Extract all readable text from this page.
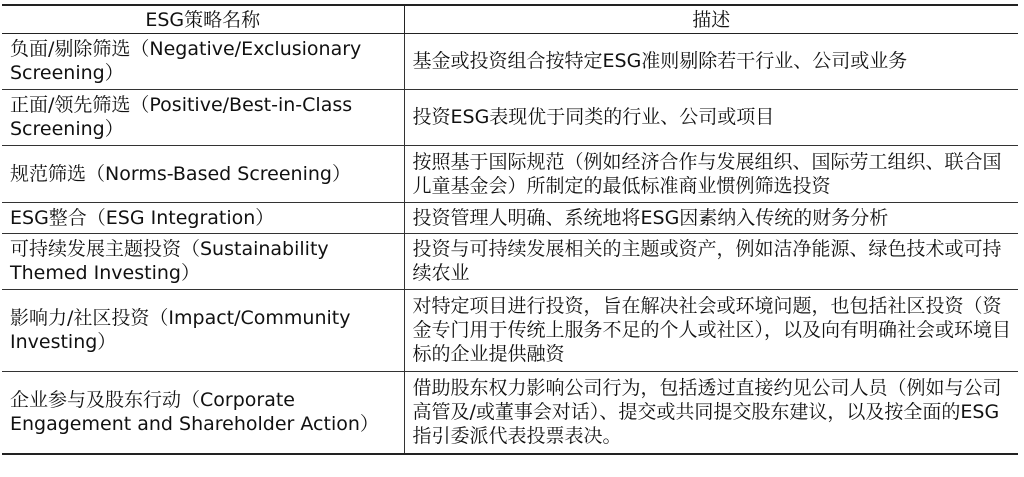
ESG策略名称	描述
负面/剔除筛选（Negative/Exclusionary Screening）	基金或投资组合按特定ESG准则剔除若干行业、公司或业务
正面/领先筛选（Positive/Best-in-Class Screening）	投资ESG表现优于同类的行业、公司或项目
规范筛选（Norms-Based Screening）	按照基于国际规范（例如经济合作与发展组织、国际劳工组织、联合国儿童基金会）所制定的最低标准商业惯例筛选投资
ESG整合（ESG Integration）	投资管理人明确、系统地将ESG因素纳入传统的财务分析
可持续发展主题投资（Sustainability Themed Investing）	投资与可持续发展相关的主题或资产，例如洁净能源、绿色技术或可持续农业
影响力/社区投资（Impact/Community Investing）	对特定项目进行投资，旨在解决社会或环境问题，也包括社区投资（资金专门用于传统上服务不足的个人或社区），以及向有明确社会或环境目标的企业提供融资
企业参与及股东行动（Corporate Engagement and Shareholder Action）	借助股东权力影响公司行为，包括透过直接约见公司人员（例如与公司高管及/或董事会对话）、提交或共同提交股东建议，以及按全面的ESG指引委派代表投票表决。
